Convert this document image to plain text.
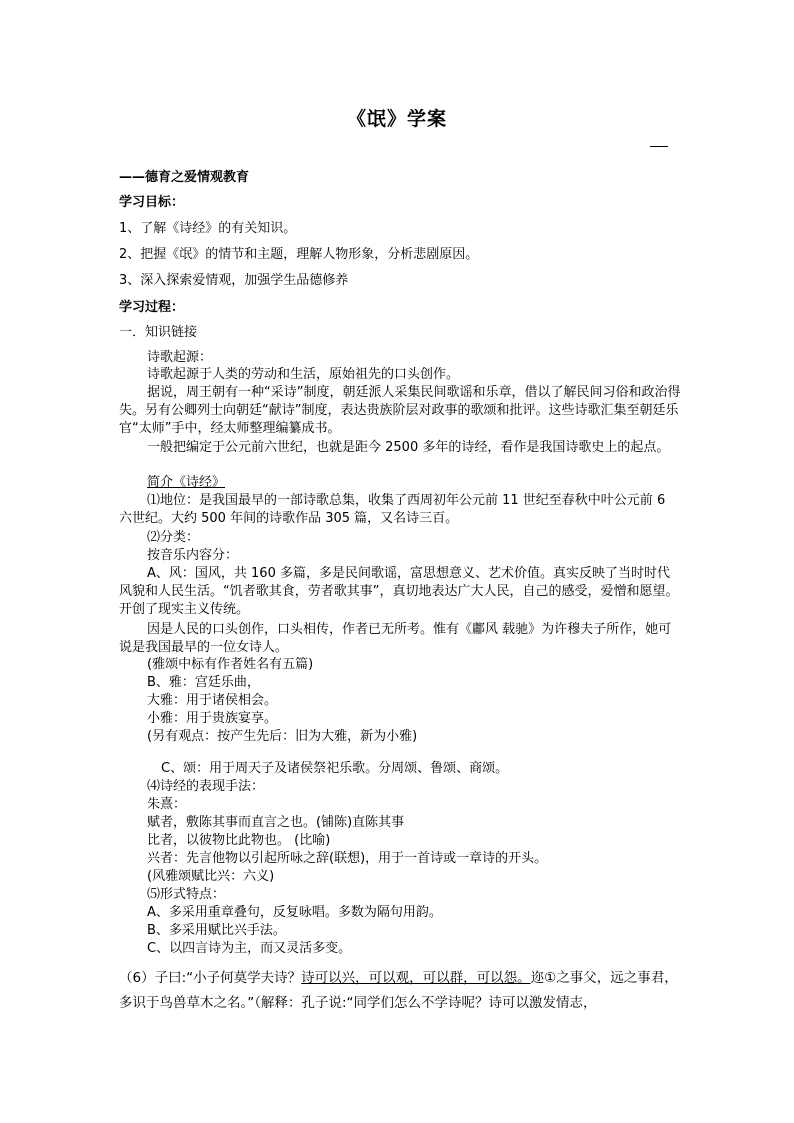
《氓》学案
——德育之爱情观教育
学习目标：
1、了解《诗经》的有关知识。
2、把握《氓》的情节和主题，理解人物形象，分析悲剧原因。
3、深入探索爱情观，加强学生品德修养
学习过程：
一．知识链接
诗歌起源：
诗歌起源于人类的劳动和生活，原始祖先的口头创作。

据说，周王朝有一种“采诗”制度，朝廷派人采集民间歌谣和乐章，借以了解民间习俗和政治得失。另有公卿列士向朝廷“献诗”制度，表达贵族阶层对政事的歌颂和批评。这些诗歌汇集至朝廷乐官“太师”手中，经太师整理编纂成书。

一般把编定于公元前六世纪，也就是距今 2500 多年的诗经，看作是我国诗歌史上的起点。

简介《诗经》

⑴地位：是我国最早的一部诗歌总集，收集了西周初年公元前 11 世纪至春秋中叶公元前 6 六世纪。大约 500 年间的诗歌作品 305 篇，又名诗三百。

⑵分类：
按音乐内容分：

A、风：国风，共 160 多篇，多是民间歌谣，富思想意义、艺术价值。真实反映了当时时代风貌和人民生活。“饥者歌其食，劳者歌其事”，真切地表达广大人民，自己的感受，爱憎和愿望。开创了现实主义传统。

因是人民的口头创作，口头相传，作者已无所考。惟有《鄘风 载驰》为许穆夫子所作，她可说是我国最早的一位女诗人。

(雅颂中标有作者姓名有五篇)
B、雅：宫廷乐曲，
大雅：用于诸侯相会。
小雅：用于贵族宴享。
(另有观点：按产生先后：旧为大雅，新为小雅)
C、颂：用于周天子及诸侯祭祀乐歌。分周颂、鲁颂、商颂。
⑷诗经的表现手法：
朱熹：
赋者，敷陈其事而直言之也。(铺陈)直陈其事
比者，以彼物比此物也。 (比喻)
兴者：先言他物以引起所咏之辞(联想)，用于一首诗或一章诗的开头。
(风雅颂赋比兴：六义)
⑸形式特点：
A、多采用重章叠句，反复咏唱。多数为隔句用韵。
B、多采用赋比兴手法。
C、以四言诗为主，而又灵活多变。

（6）子曰:“小子何莫学夫诗？诗可以兴，可以观，可以群，可以怨。迩①之事父，远之事君，多识于鸟兽草木之名。”（解释：孔子说:“同学们怎么不学诗呢？诗可以激发情志，
